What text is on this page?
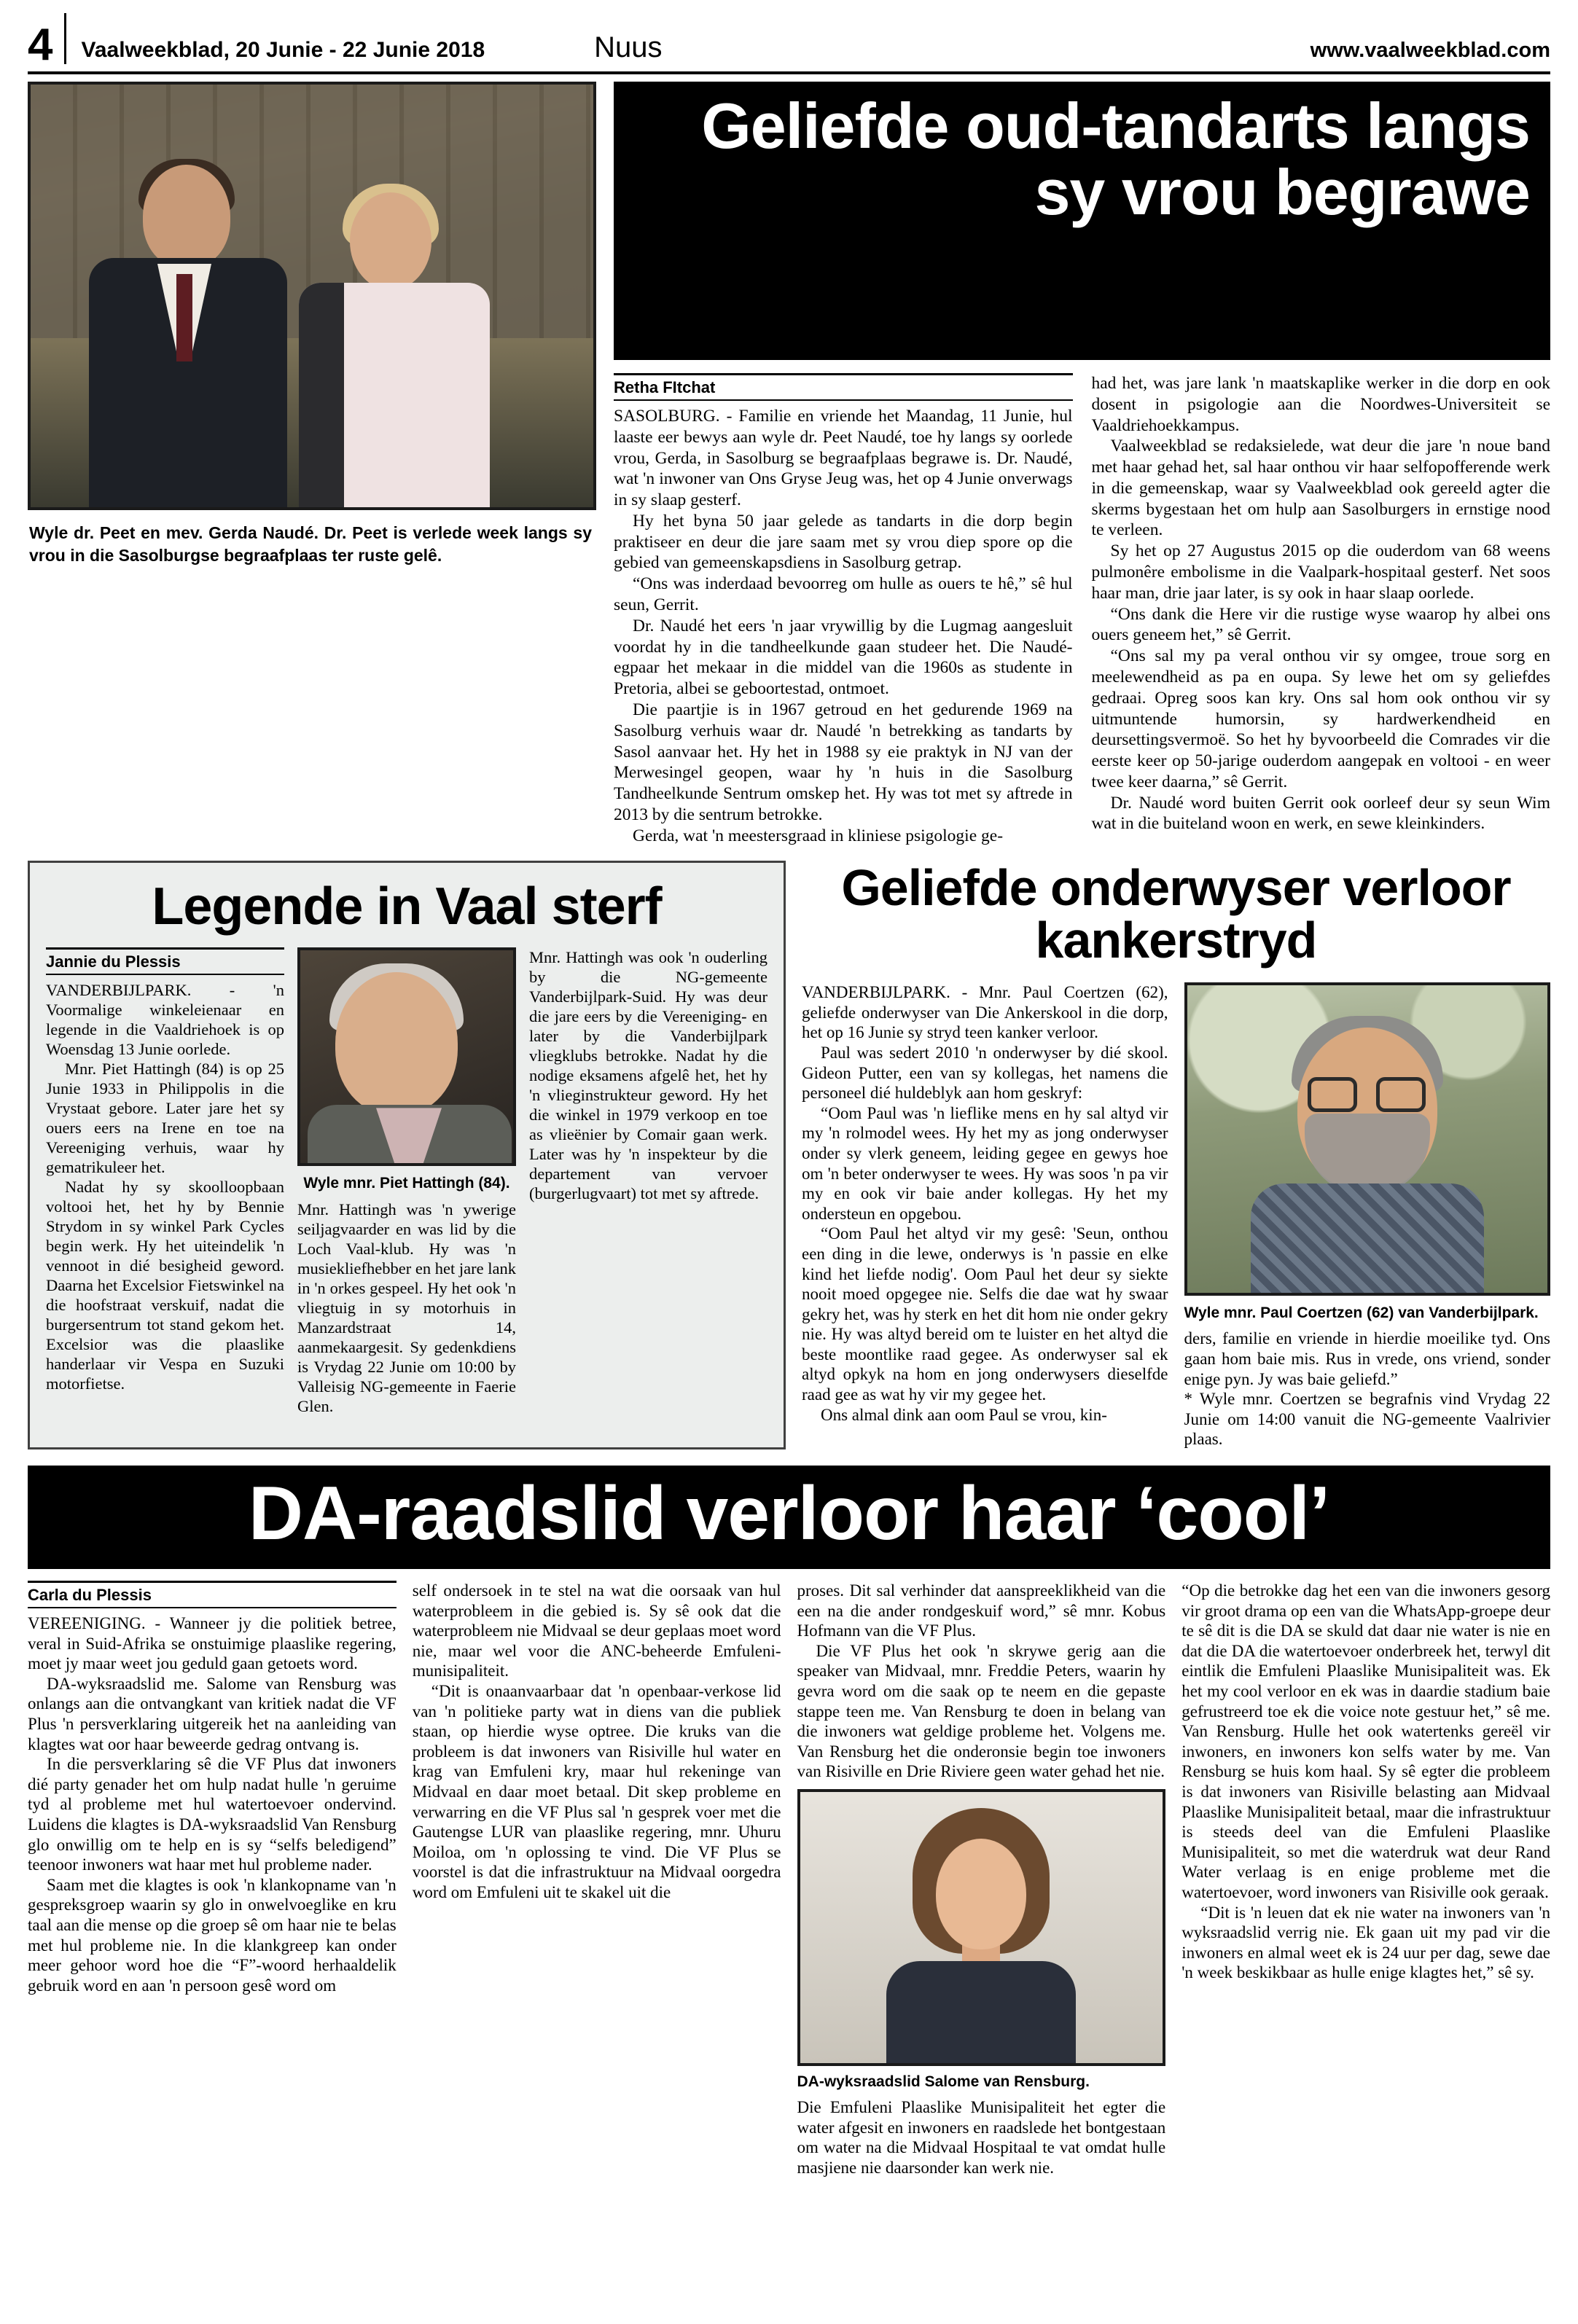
4	Vaalweekblad, 20 Junie - 22 Junie 2018	Nuus	www.vaalweekblad.com
Wyle dr. Peet en mev. Gerda Naudé. Dr. Peet is verlede week langs sy vrou in die Sasolburgse begraafplaas ter ruste gelê.
Geliefde oud-tandarts langs sy vrou begrawe
Retha FItchat

SASOLBURG. - Familie en vriende het Maandag, 11 Junie, hul laaste eer bewys aan wyle dr. Peet Naudé, toe hy langs sy oorlede vrou, Gerda, in Sasolburg se begraafplaas begrawe is. Dr. Naudé, wat 'n inwoner van Ons Gryse Jeug was, het op 4 Junie onverwags in sy slaap gesterf.

Hy het byna 50 jaar gelede as tandarts in die dorp begin praktiseer en deur die jare saam met sy vrou diep spore op die gebied van gemeenskapsdiens in Sasolburg getrap.

“Ons was inderdaad bevoorreg om hulle as ouers te hê,” sê hul seun, Gerrit.

Dr. Naudé het eers 'n jaar vrywillig by die Lugmag aangesluit voordat hy in die tandheelkunde gaan studeer het. Die Naudé-egpaar het mekaar in die middel van die 1960s as studente in Pretoria, albei se geboortestad, ontmoet.

Die paartjie is in 1967 getroud en het gedurende 1969 na Sasolburg verhuis waar dr. Naudé 'n betrekking as tandarts by Sasol aanvaar het. Hy het in 1988 sy eie praktyk in NJ van der Merwesingel geopen, waar hy 'n huis in die Sasolburg Tandheelkunde Sentrum omskep het. Hy was tot met sy aftrede in 2013 by die sentrum betrokke.

Gerda, wat 'n meestersgraad in kliniese psigologie ge-

had het, was jare lank 'n maatskaplike werker in die dorp en ook dosent in psigologie aan die Noordwes-Universiteit se Vaaldriehoekkampus.

Vaalweekblad se redaksielede, wat deur die jare 'n noue band met haar gehad het, sal haar onthou vir haar selfopofferende werk in die gemeenskap, waar sy Vaalweekblad ook gereeld agter die skerms bygestaan het om hulp aan Sasolburgers in ernstige nood te verleen.

Sy het op 27 Augustus 2015 op die ouderdom van 68 weens pulmonêre embolisme in die Vaalpark-hospitaal gesterf. Net soos haar man, drie jaar later, is sy ook in haar slaap oorlede.

“Ons dank die Here vir die rustige wyse waarop hy albei ons ouers geneem het,” sê Gerrit.

“Ons sal my pa veral onthou vir sy omgee, troue sorg en meelewendheid as pa en oupa. Sy lewe het om sy geliefdes gedraai. Opreg soos kan kry. Ons sal hom ook onthou vir sy uitmuntende humorsin, sy hardwerkendheid en deursettingsvermoë. So het hy byvoorbeeld die Comrades vir die eerste keer op 50-jarige ouderdom aangepak en voltooi - en weer twee keer daarna,” sê Gerrit.

Dr. Naudé word buiten Gerrit ook oorleef deur sy seun Wim wat in die buiteland woon en werk, en sewe kleinkinders.

Legende in Vaal sterf
Jannie du Plessis

VANDERBIJLPARK. - 'n Voormalige winkeleienaar en legende in die Vaaldriehoek is op Woensdag 13 Junie oorlede.

Mnr. Piet Hattingh (84) is op 25 Junie 1933 in Philippolis in die Vrystaat gebore. Later jare het sy ouers eers na Irene en toe na Vereeniging verhuis, waar hy gematrikuleer het.

Nadat hy sy skoolloopbaan voltooi het, het hy by Bennie Strydom in sy winkel Park Cycles begin werk. Hy het uiteindelik 'n vennoot in dié besigheid geword. Daarna het Excelsior Fietswinkel na die hoofstraat verskuif, nadat die burgersentrum tot stand gekom het. Excelsior was die plaaslike handerlaar vir Vespa en Suzuki motorfietse.

Wyle mnr. Piet Hattingh (84).

Mnr. Hattingh was 'n ywerige seiljagvaarder en was lid by die Loch Vaal-klub. Hy was 'n musiekliefhebber en het jare lank in 'n orkes gespeel. Hy het ook 'n vliegtuig in sy motorhuis in Manzardstraat 14, aanmekaargesit. Sy gedenkdiens is Vrydag 22 Junie om 10:00 by Valleisig NG-gemeente in Faerie Glen.

Mnr. Hattingh was ook 'n ouderling by die NG-gemeente Vanderbijlpark-Suid. Hy was deur die jare eers by die Vereeniging- en later by die Vanderbijlpark vliegklubs betrokke. Nadat hy die nodige eksamens afgelê het, het hy 'n vlieginstrukteur geword. Hy het die winkel in 1979 verkoop en toe as vlieënier by Comair gaan werk. Later was hy 'n inspekteur by die departement van vervoer (burgerlugvaart) tot met sy aftrede.

Geliefde onderwyser verloor kankerstryd

VANDERBIJLPARK. - Mnr. Paul Coertzen (62), geliefde onderwyser van Die Ankerskool in die dorp, het op 16 Junie sy stryd teen kanker verloor.

Paul was sedert 2010 'n onderwyser by dié skool. Gideon Putter, een van sy kollegas, het namens die personeel dié huldeblyk aan hom geskryf:

“Oom Paul was 'n lieflike mens en hy sal altyd vir my 'n rolmodel wees. Hy het my as jong onderwyser onder sy vlerk geneem, leiding gegee en gewys hoe om 'n beter onderwyser te wees. Hy was soos 'n pa vir my en ook vir baie ander kollegas. Hy het my ondersteun en opgebou.

“Oom Paul het altyd vir my gesê: 'Seun, onthou een ding in die lewe, onderwys is 'n passie en elke kind het liefde nodig'. Oom Paul het deur sy siekte nooit moed opgegee nie. Selfs die dae wat hy swaar gekry het, was hy sterk en het dit hom nie onder gekry nie. Hy was altyd bereid om te luister en het altyd die beste moontlike raad gegee. As onderwyser sal ek altyd opkyk na hom en jong onderwysers dieselfde raad gee as wat hy vir my gegee het.

Ons almal dink aan oom Paul se vrou, kin-

Wyle mnr. Paul Coertzen (62) van Vanderbijlpark.

ders, familie en vriende in hierdie moeilike tyd. Ons gaan hom baie mis. Rus in vrede, ons vriend, sonder enige pyn. Jy was baie geliefd.”

* Wyle mnr. Coertzen se begrafnis vind Vrydag 22 Junie om 14:00 vanuit die NG-gemeente Vaalrivier plaas.

DA-raadslid verloor haar ‘cool’
Carla du Plessis

VEREENIGING. - Wanneer jy die politiek betree, veral in Suid-Afrika se onstuimige plaaslike regering, moet jy maar weet jou geduld gaan getoets word.

DA-wyksraadslid me. Salome van Rensburg was onlangs aan die ontvangkant van kritiek nadat die VF Plus 'n persverklaring uitgereik het na aanleiding van klagtes wat oor haar beweerde gedrag ontvang is.

In die persverklaring sê die VF Plus dat inwoners dié party genader het om hulp nadat hulle 'n geruime tyd al probleme met hul watertoevoer ondervind. Luidens die klagtes is DA-wyksraadslid Van Rensburg glo onwillig om te help en is sy “selfs beledigend” teenoor inwoners wat haar met hul probleme nader.

Saam met die klagtes is ook 'n klankopname van 'n gespreksgroep waarin sy glo in onwelvoeglike en kru taal aan die mense op die groep sê om haar nie te belas met hul probleme nie. In die klankgreep kan onder meer gehoor word hoe die “F”-woord herhaaldelik gebruik word en aan 'n persoon gesê word om

self ondersoek in te stel na wat die oorsaak van hul waterprobleem in die gebied is. Sy sê ook dat die waterprobleem nie Midvaal se deur geplaas moet word nie, maar wel voor die ANC-beheerde Emfuleni-munisipaliteit.

“Dit is onaanvaarbaar dat 'n openbaar-verkose lid van 'n politieke party wat in diens van die publiek staan, op hierdie wyse optree. Die kruks van die probleem is dat inwoners van Risiville hul water en krag van Emfuleni kry, maar hul rekeninge van Midvaal en daar moet betaal. Dit skep probleme en verwarring en die VF Plus sal 'n gesprek voer met die Gautengse LUR van plaaslike regering, mnr. Uhuru Moiloa, om 'n oplossing te vind. Die VF Plus se voorstel is dat die infrastruktuur na Midvaal oorgedra word om Emfuleni uit te skakel uit die

proses. Dit sal verhinder dat aanspreeklikheid van die een na die ander rondgeskuif word,” sê mnr. Kobus Hofmann van die VF Plus.

Die VF Plus het ook 'n skrywe gerig aan die speaker van Midvaal, mnr. Freddie Peters, waarin hy gevra word om die saak op te neem en die gepaste stappe teen me. Van Rensburg te doen in belang van die inwoners wat geldige probleme het. Volgens me. Van Rensburg het die onderonsie begin toe inwoners van Risiville en Drie Riviere geen water gehad het nie.

DA-wyksraadslid Salome van Rensburg.

Die Emfuleni Plaaslike Munisipaliteit het egter die water afgesit en inwoners en raadslede het bontgestaan om water na die Midvaal Hospitaal te vat omdat hulle masjiene nie daarsonder kan werk nie.

“Op die betrokke dag het een van die inwoners gesorg vir groot drama op een van die WhatsApp-groepe deur te sê dit is die DA se skuld dat daar nie water is nie en dat die DA die watertoevoer onderbreek het, terwyl dit eintlik die Emfuleni Plaaslike Munisipaliteit was. Ek het my cool verloor en ek was in daardie stadium baie gefrustreerd toe ek die voice note gestuur het,” sê me. Van Rensburg. Hulle het ook watertenks gereël vir inwoners, en inwoners kon selfs water by me. Van Rensburg se huis kom haal. Sy sê egter die probleem is dat inwoners van Risiville belasting aan Midvaal Plaaslike Munisipaliteit betaal, maar die infrastruktuur is steeds deel van die Emfuleni Plaaslike Munisipaliteit, so met die waterdruk wat deur Rand Water verlaag is en enige probleme met die watertoevoer, word inwoners van Risiville ook geraak.

“Dit is 'n leuen dat ek nie water na inwoners van 'n wyksraadslid verrig nie. Ek gaan uit my pad vir die inwoners en almal weet ek is 24 uur per dag, sewe dae 'n week beskikbaar as hulle enige klagtes het,” sê sy.
